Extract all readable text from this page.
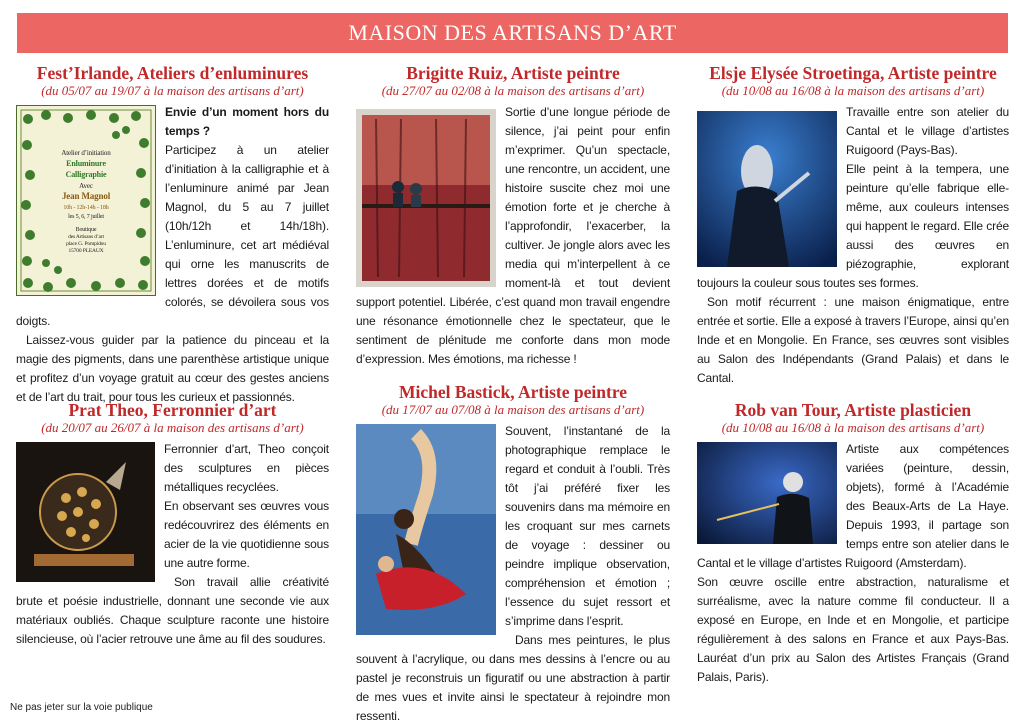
MAISON DES ARTISANS D’ART
Fest’Irlande, Ateliers d’enluminures
(du 05/07 au 19/07 à la maison des artisans d’art)
Atelier d’initiation
Enluminure
Calligraphie
Avec
Jean Magnol
10h - 12h-14h - 18h
les 5, 6, 7 juillet
Boutique
des Artisans d’art
place G. Pompidou
15700 PLEAUX

Envie d’un moment hors du temps ?

Participez à un atelier d’initiation à la calligraphie et à l’enluminure animé par Jean Magnol, du 5 au 7 juillet (10h/12h et 14h/18h). L’enluminure, cet art médiéval qui orne les manuscrits de lettres dorées et de motifs colorés, se dévoilera sous vos doigts.

Laissez-vous guider par la patience du pinceau et la magie des pigments, dans une parenthèse artistique unique et profitez d’un voyage gratuit au cœur des gestes anciens et de l’art du trait, pour tous les curieux et passionnés.

Brigitte Ruiz, Artiste peintre
(du 27/07 au 02/08 à la maison des artisans d’art)

Sortie d’une longue période de silence, j’ai peint pour enfin m’exprimer. Qu’un spectacle, une rencontre, un accident, une histoire suscite chez moi une émotion forte et je cherche à l’approfondir, l’exacerber, la cultiver. Je jongle alors avec les media qui m’interpellent à ce moment-là et tout devient support potentiel. Libérée, c’est quand mon travail engendre une résonance émotionnelle chez le spectateur, que le sentiment de plénitude me conforte dans mon mode d’expression. Mes émotions, ma richesse !

Elsje Elysée Stroetinga, Artiste peintre
(du 10/08 au 16/08 à la maison des artisans d’art)

Travaille entre son atelier du Cantal et le village d’artistes Ruigoord (Pays-Bas).

Elle peint à la tempera, une peinture qu’elle fabrique elle-même, aux couleurs intenses qui happent le regard. Elle crée aussi des œuvres en piézographie, explorant toujours la couleur sous toutes ses formes.

Son motif récurrent : une maison énigmatique, entre entrée et sortie. Elle a exposé à travers l’Europe, ainsi qu’en Inde et en Mongolie. En France, ses œuvres sont visibles au Salon des Indépendants (Grand Palais) et dans le Cantal.

Prat Theo, Ferronnier d’art
(du 20/07 au 26/07 à la maison des artisans d’art)

Ferronnier d’art, Theo conçoit des sculptures en pièces métalliques recyclées.

En observant ses œuvres vous redécouvrirez des éléments en acier de la vie quotidienne sous une autre forme.

Son travail allie créativité brute et poésie industrielle, donnant une seconde vie aux matériaux oubliés. Chaque sculpture raconte une histoire silencieuse, où l’acier retrouve une âme au fil des soudures.

Michel Bastick, Artiste peintre
(du 17/07 au 07/08 à la maison des artisans d’art)

Souvent, l’instantané de la photographique remplace le regard et conduit à l’oubli. Très tôt j’ai préféré fixer les souvenirs dans ma mémoire en les croquant sur mes carnets de voyage : dessiner ou peindre implique observation, compréhension et émotion ; l’essence du sujet ressort et s’imprime dans l’esprit.

Dans mes peintures, le plus souvent à l’acrylique, ou dans mes dessins à l’encre ou au pastel je reconstruis un figuratif ou une abstraction à partir de mes vues et invite ainsi le spectateur à rejoindre mon ressenti.

Rob van Tour, Artiste plasticien
(du 10/08 au 16/08 à la maison des artisans d’art)

Artiste aux compétences variées (peinture, dessin, objets), formé à l’Académie des Beaux-Arts de La Haye. Depuis 1993, il partage son temps entre son atelier dans le Cantal et le village d’artistes Ruigoord (Amsterdam).

Son œuvre oscille entre abstraction, naturalisme et surréalisme, avec la nature comme fil conducteur. Il a exposé en Europe, en Inde et en Mongolie, et participe régulièrement à des salons en France et aux Pays-Bas. Lauréat d’un prix au Salon des Artistes Français (Grand Palais, Paris).

Ne pas jeter sur la voie publique
